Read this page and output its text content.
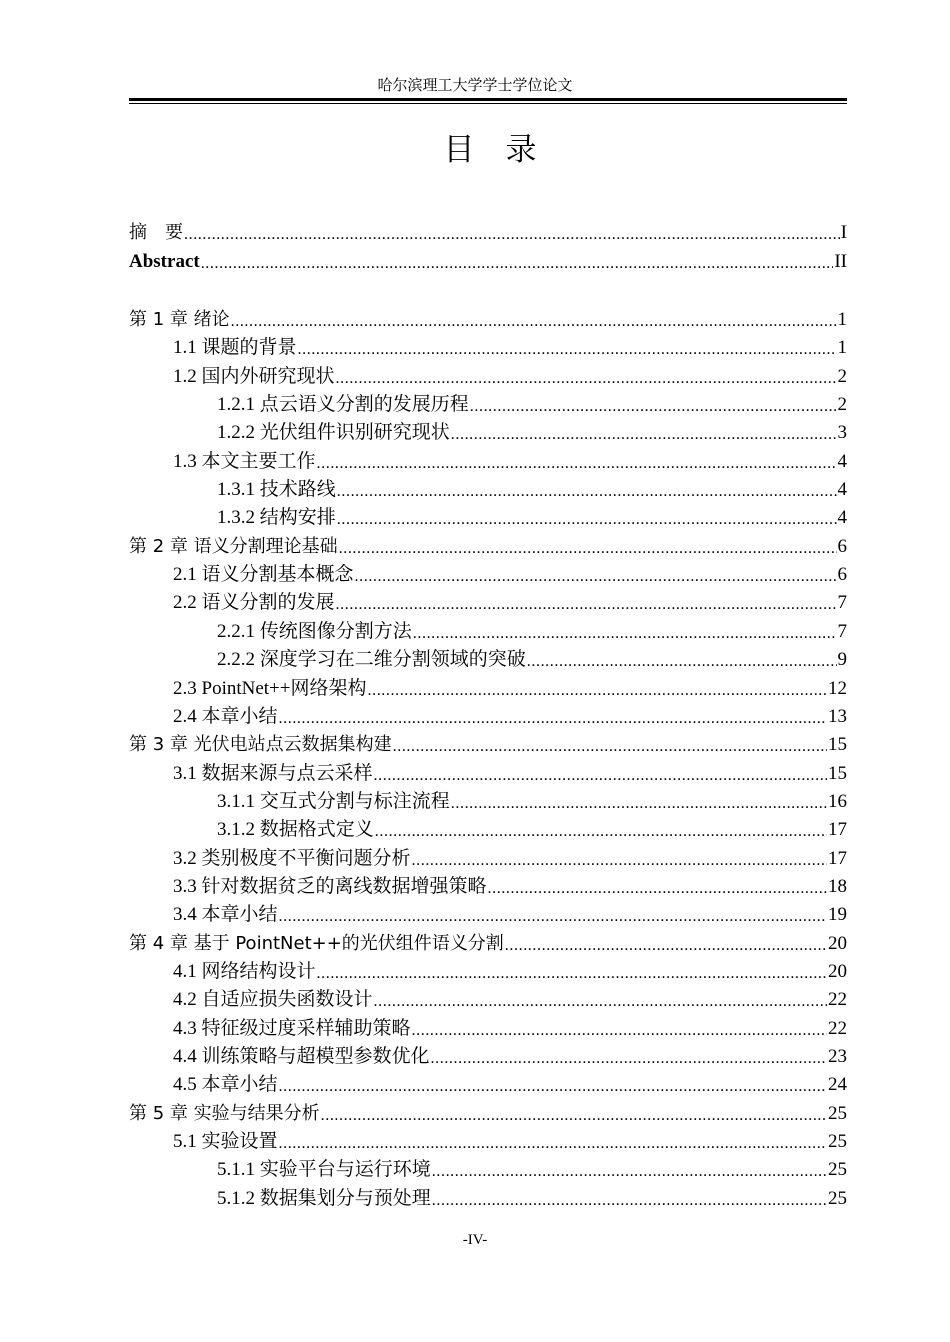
哈尔滨理工大学学士学位论文
目　录
摘　要 .....	I
Abstract .....	II
第 1 章 绪论 .....	1
1.1 课题的背景 .....	1
1.2 国内外研究现状 .....	2
1.2.1 点云语义分割的发展历程 .....	2
1.2.2 光伏组件识别研究现状 .....	3
1.3 本文主要工作 .....	4
1.3.1 技术路线 .....	4
1.3.2 结构安排 .....	4
第 2 章 语义分割理论基础 .....	6
2.1 语义分割基本概念 .....	6
2.2 语义分割的发展 .....	7
2.2.1 传统图像分割方法 .....	7
2.2.2 深度学习在二维分割领域的突破 .....	9
2.3 PointNet++网络架构 .....	12
2.4 本章小结 .....	13
第 3 章 光伏电站点云数据集构建 .....	15
3.1 数据来源与点云采样 .....	15
3.1.1 交互式分割与标注流程 .....	16
3.1.2 数据格式定义 .....	17
3.2 类别极度不平衡问题分析 .....	17
3.3 针对数据贫乏的离线数据增强策略 .....	18
3.4 本章小结 .....	19
第 4 章 基于 PointNet++的光伏组件语义分割 .....	20
4.1 网络结构设计 .....	20
4.2 自适应损失函数设计 .....	22
4.3 特征级过度采样辅助策略 .....	22
4.4 训练策略与超模型参数优化 .....	23
4.5 本章小结 .....	24
第 5 章 实验与结果分析 .....	25
5.1 实验设置 .....	25
5.1.1 实验平台与运行环境 .....	25
5.1.2 数据集划分与预处理 .....	25
-IV-
